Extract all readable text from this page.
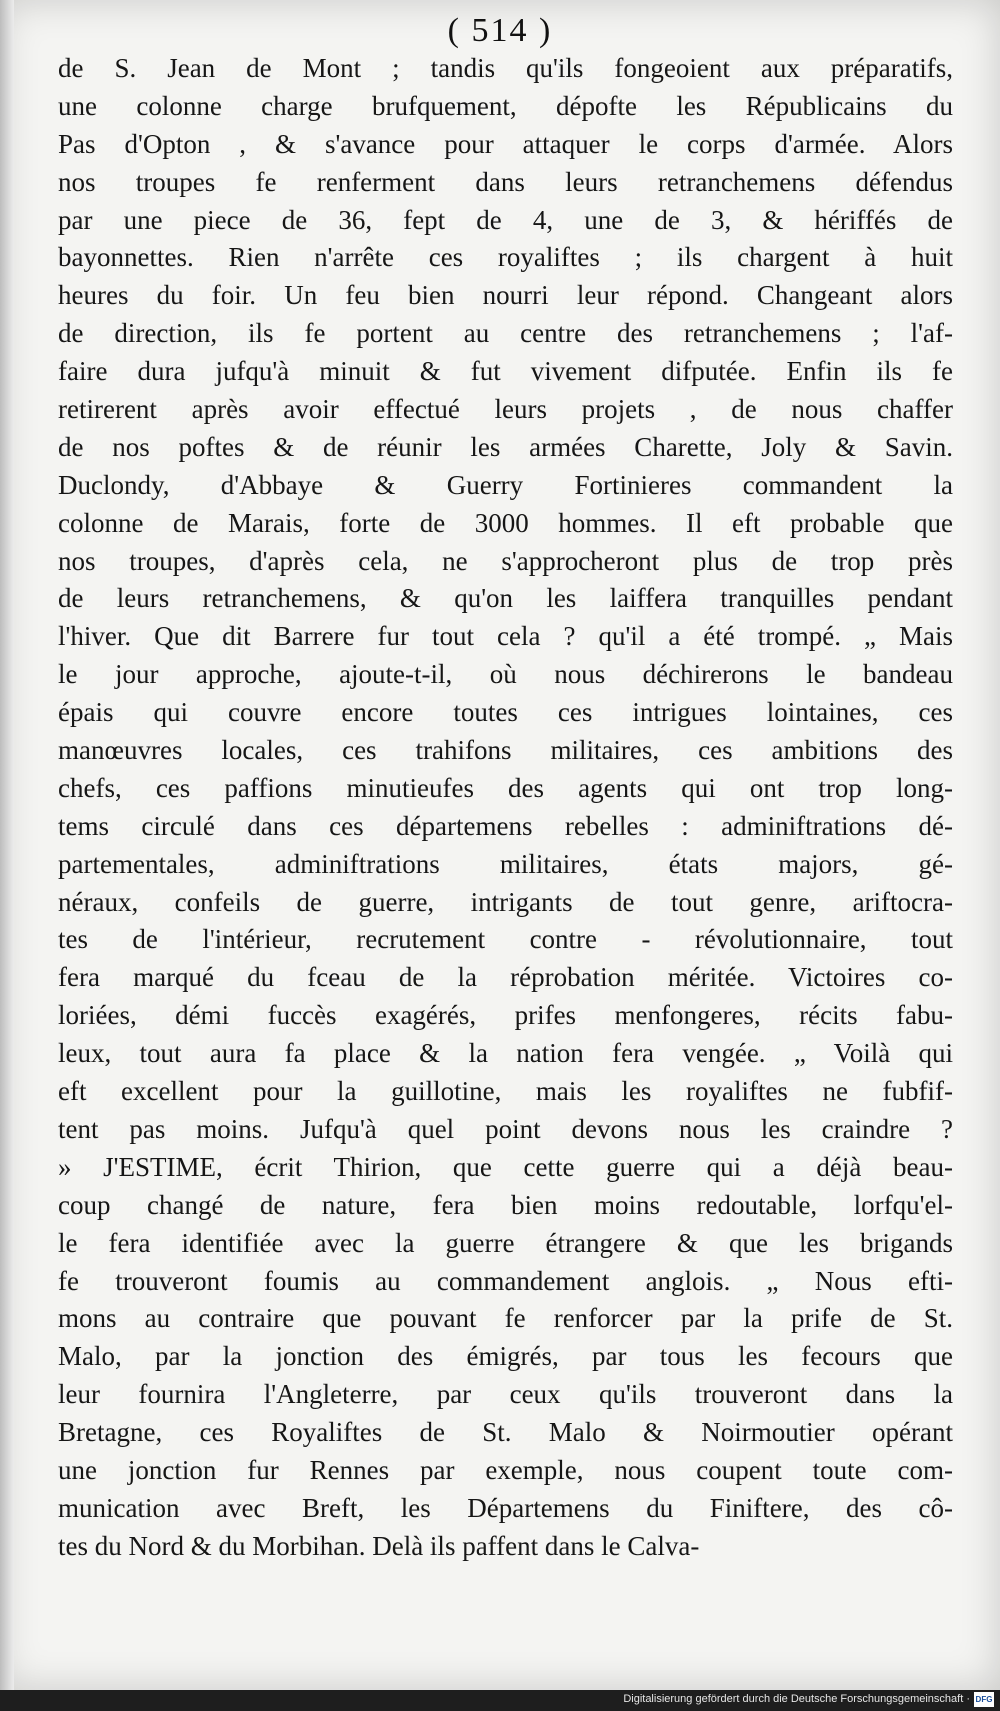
( 514 )
de S. Jean de Mont ; tandis qu'ils fongeoient aux préparatifs,
une colonne charge brufquement, dépofte les Républicains du
Pas d'Opton , & s'avance pour attaquer le corps d'armée. Alors
nos troupes fe renferment dans leurs retranchemens défendus
par une piece de 36, fept de 4, une de 3, & hériffés de
bayonnettes. Rien n'arrête ces royaliftes ; ils chargent à huit
heures du foir. Un feu bien nourri leur répond. Changeant alors
de direction, ils fe portent au centre des retranchemens ; l'af-
faire dura jufqu'à minuit & fut vivement difputée. Enfin ils fe
retirerent après avoir effectué leurs projets , de nous chaffer
de nos poftes & de réunir les armées Charette, Joly & Savin.
Duclondy, d'Abbaye & Guerry Fortinieres commandent la
colonne de Marais, forte de 3000 hommes. Il eft probable que
nos troupes, d'après cela, ne s'approcheront plus de trop près
de leurs retranchemens, & qu'on les laiffera tranquilles pendant
l'hiver. Que dit Barrere fur tout cela ? qu'il a été trompé. „ Mais
le jour approche, ajoute-t-il, où nous déchirerons le bandeau
épais qui couvre encore toutes ces intrigues lointaines, ces
manœuvres locales, ces trahifons militaires, ces ambitions des
chefs, ces paffions minutieufes des agents qui ont trop long-
tems circulé dans ces départemens rebelles : adminiftrations dé-
partementales, adminiftrations militaires, états majors, gé-
néraux, confeils de guerre, intrigants de tout genre, ariftocra-
tes de l'intérieur, recrutement contre - révolutionnaire, tout
fera marqué du fceau de la réprobation méritée. Victoires co-
loriées, démi fuccès exagérés, prifes menfongeres, récits fabu-
leux, tout aura fa place & la nation fera vengée. „ Voilà qui
eft excellent pour la guillotine, mais les royaliftes ne fubfif-
tent pas moins. Jufqu'à quel point devons nous les craindre ?
» J'ESTIME, écrit Thirion, que cette guerre qui a déjà beau-
coup changé de nature, fera bien moins redoutable, lorfqu'el-
le fera identifiée avec la guerre étrangere & que les brigands
fe trouveront foumis au commandement anglois. „ Nous efti-
mons au contraire que pouvant fe renforcer par la prife de St.
Malo, par la jonction des émigrés, par tous les fecours que
leur fournira l'Angleterre, par ceux qu'ils trouveront dans la
Bretagne, ces Royaliftes de St. Malo & Noirmoutier opérant
une jonction fur Rennes par exemple, nous coupent toute com-
munication avec Breft, les Départemens du Finiftere, des cô-
tes du Nord & du Morbihan. Delà ils paffent dans le Calva-
Digitalisierung gefördert durch die Deutsche Forschungsgemeinschaft · DFG
